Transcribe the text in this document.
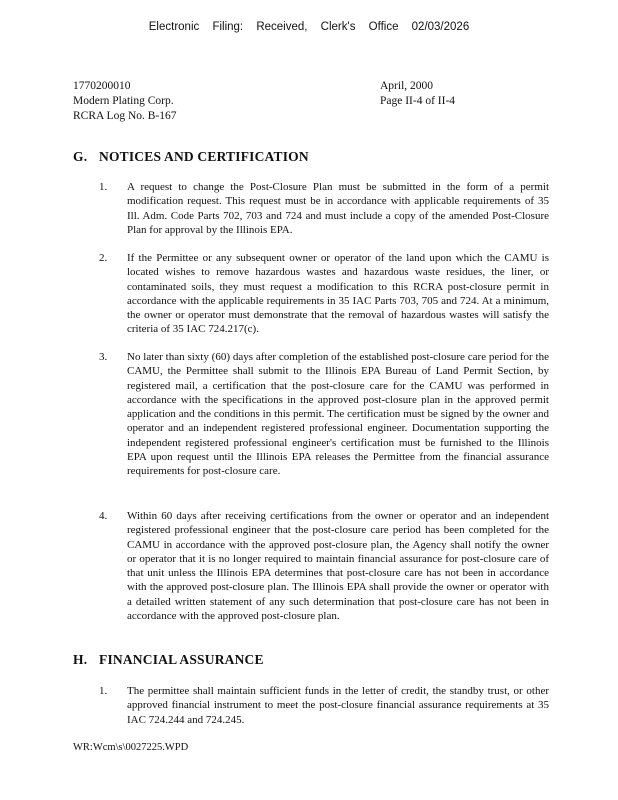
Electronic Filing: Received, Clerk's Office 02/03/2026
1770200010
Modern Plating Corp.
RCRA Log No. B-167
April, 2000
Page II-4 of II-4
G. NOTICES AND CERTIFICATION
1. A request to change the Post-Closure Plan must be submitted in the form of a permit modification request. This request must be in accordance with applicable requirements of 35 Ill. Adm. Code Parts 702, 703 and 724 and must include a copy of the amended Post-Closure Plan for approval by the Illinois EPA.
2. If the Permittee or any subsequent owner or operator of the land upon which the CAMU is located wishes to remove hazardous wastes and hazardous waste residues, the liner, or contaminated soils, they must request a modification to this RCRA post-closure permit in accordance with the applicable requirements in 35 IAC Parts 703, 705 and 724. At a minimum, the owner or operator must demonstrate that the removal of hazardous wastes will satisfy the criteria of 35 IAC 724.217(c).
3. No later than sixty (60) days after completion of the established post-closure care period for the CAMU, the Permittee shall submit to the Illinois EPA Bureau of Land Permit Section, by registered mail, a certification that the post-closure care for the CAMU was performed in accordance with the specifications in the approved post-closure plan in the approved permit application and the conditions in this permit. The certification must be signed by the owner and operator and an independent registered professional engineer. Documentation supporting the independent registered professional engineer's certification must be furnished to the Illinois EPA upon request until the Illinois EPA releases the Permittee from the financial assurance requirements for post-closure care.
4. Within 60 days after receiving certifications from the owner or operator and an independent registered professional engineer that the post-closure care period has been completed for the CAMU in accordance with the approved post-closure plan, the Agency shall notify the owner or operator that it is no longer required to maintain financial assurance for post-closure care of that unit unless the Illinois EPA determines that post-closure care has not been in accordance with the approved post-closure plan. The Illinois EPA shall provide the owner or operator with a detailed written statement of any such determination that post-closure care has not been in accordance with the approved post-closure plan.
H. FINANCIAL ASSURANCE
1. The permittee shall maintain sufficient funds in the letter of credit, the standby trust, or other approved financial instrument to meet the post-closure financial assurance requirements at 35 IAC 724.244 and 724.245.
WR:Wcm\s\0027225.WPD
